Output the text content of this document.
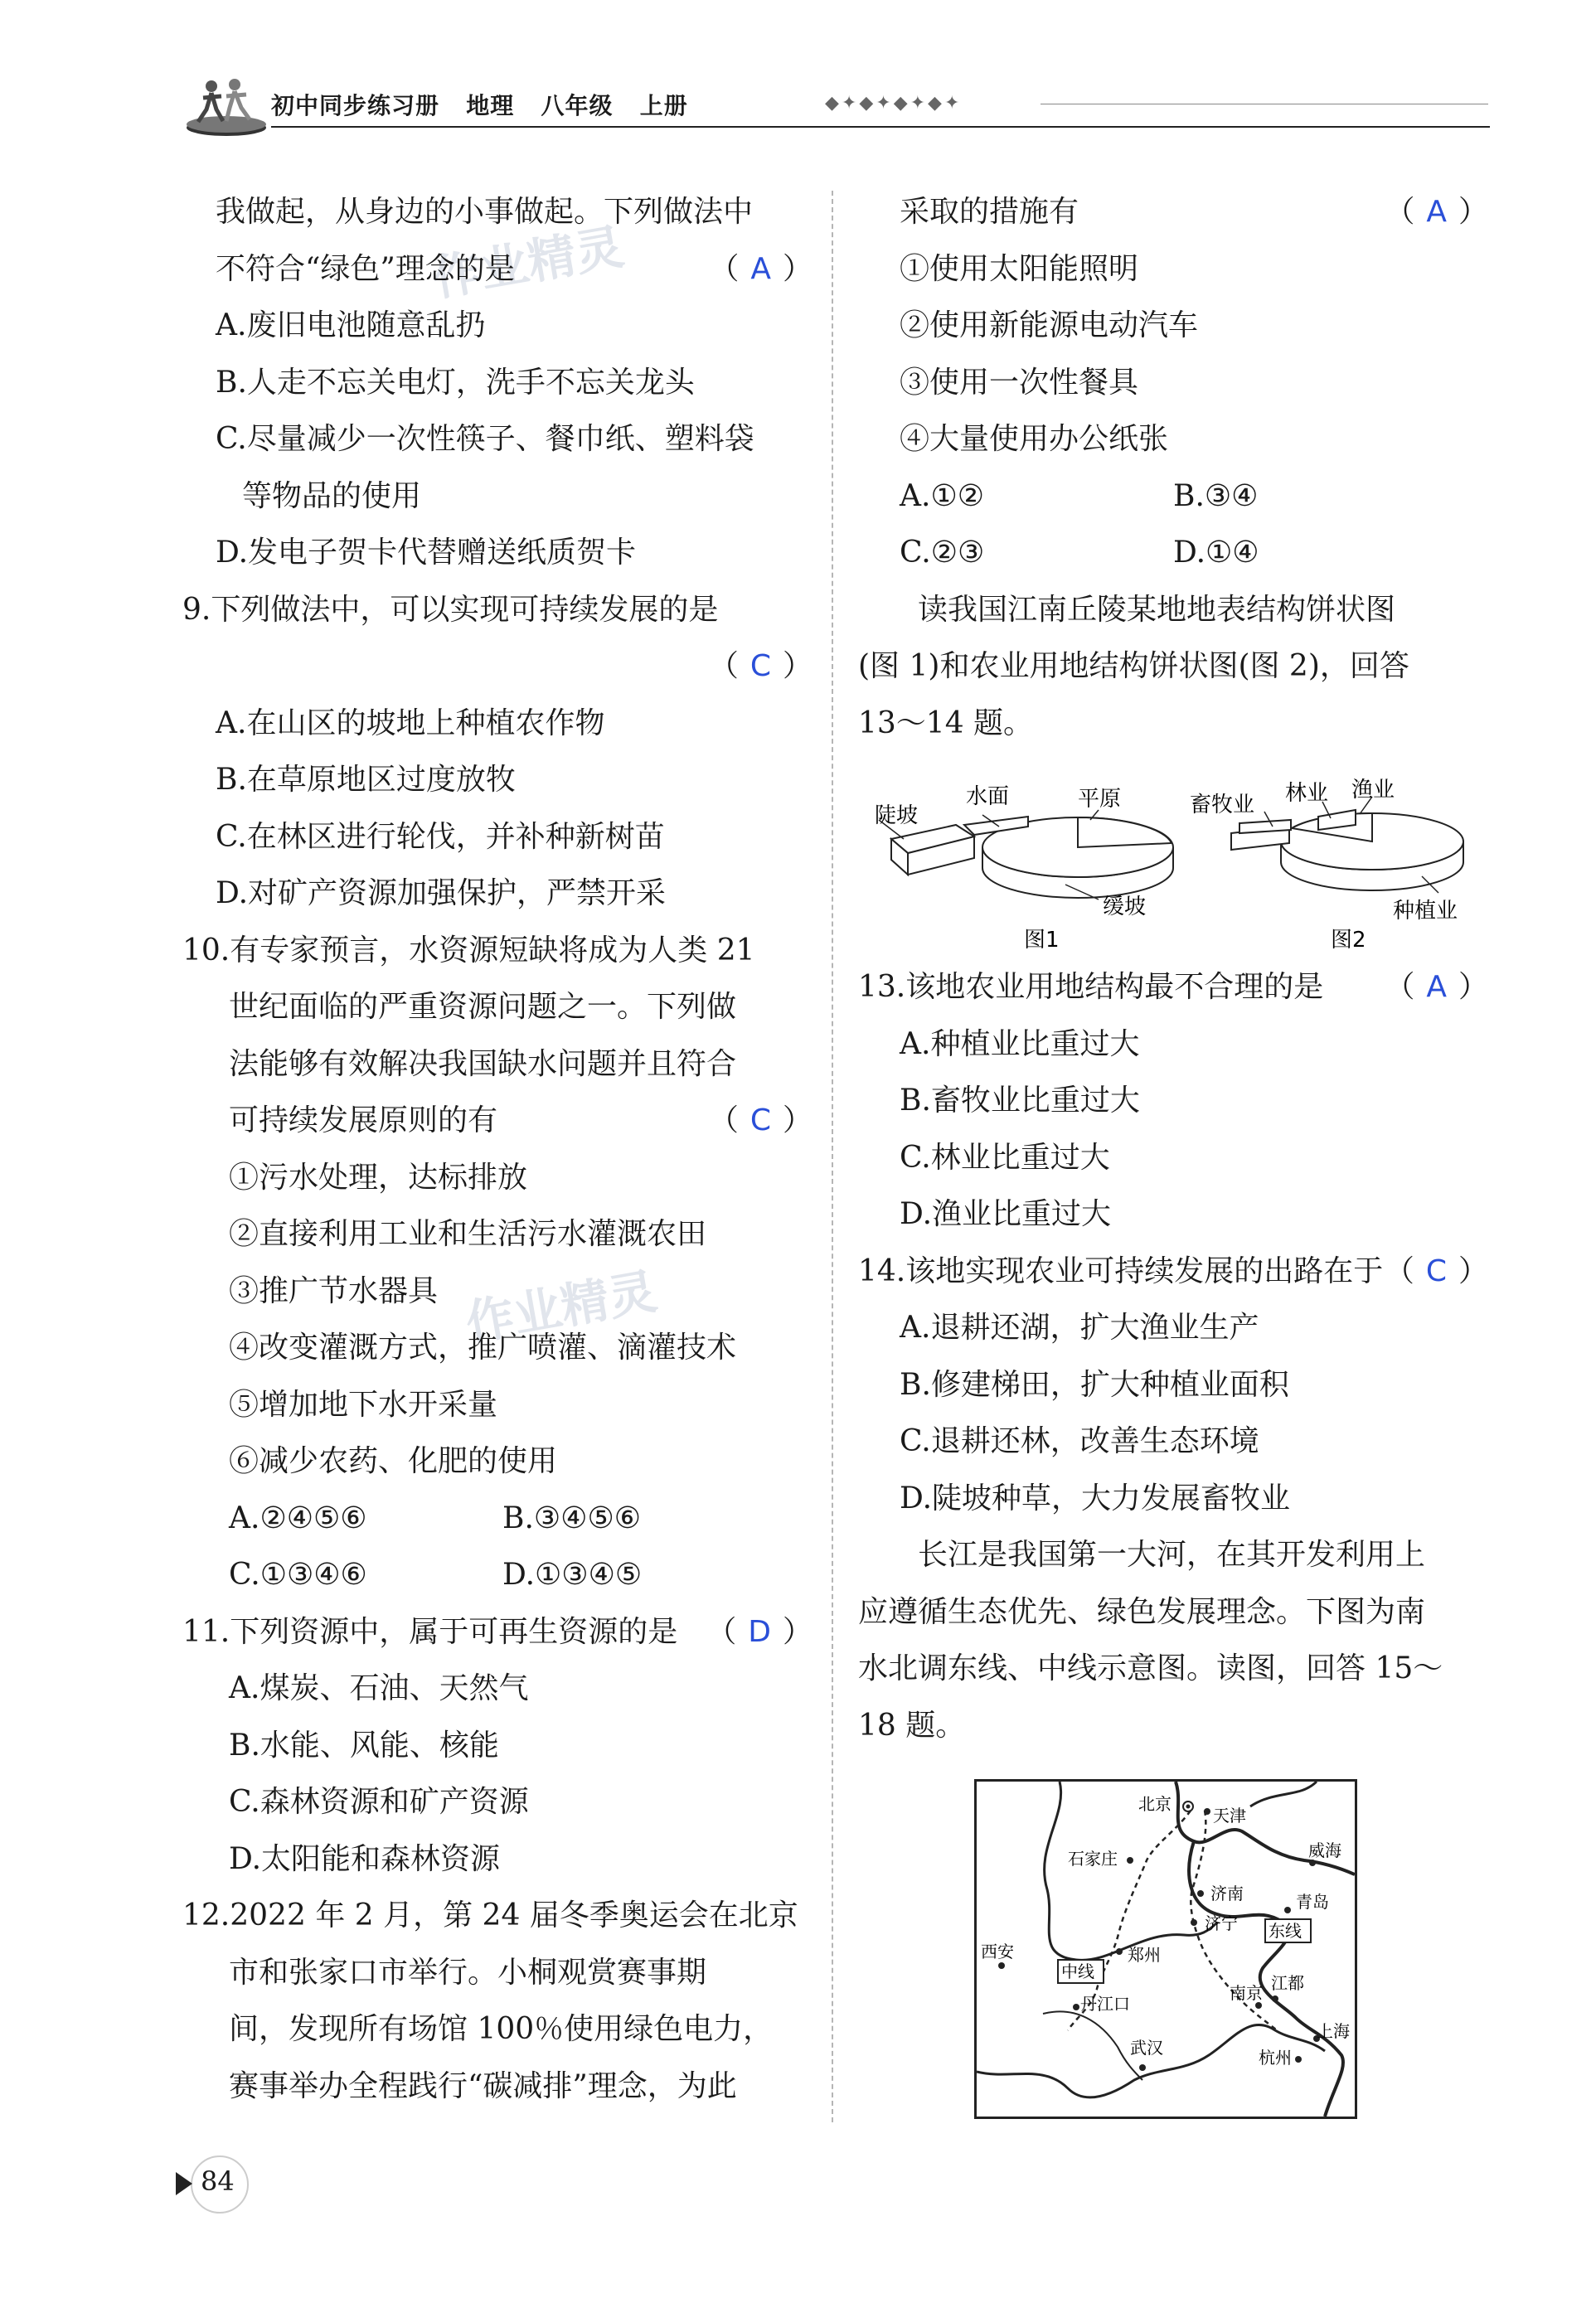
初中同步练习册   地理   八年级   上册	◆✦◆✦◆✦◆✦
作业精灵
作业精灵
我做起，从身边的小事做起。下列做法中
不符合“绿色”理念的是	（ A ）
A.废旧电池随意乱扔
B.人走不忘关电灯，洗手不忘关龙头
C.尽量减少一次性筷子、餐巾纸、塑料袋
等物品的使用
D.发电子贺卡代替赠送纸质贺卡
9.下列做法中，可以实现可持续发展的是
（ C ）
A.在山区的坡地上种植农作物
B.在草原地区过度放牧
C.在林区进行轮伐，并补种新树苗
D.对矿产资源加强保护，严禁开采
10.有专家预言，水资源短缺将成为人类 21
世纪面临的严重资源问题之一。下列做
法能够有效解决我国缺水问题并且符合
可持续发展原则的有	（ C ）
①污水处理，达标排放
②直接利用工业和生活污水灌溉农田
③推广节水器具
④改变灌溉方式，推广喷灌、滴灌技术
⑤增加地下水开采量
⑥减少农药、化肥的使用
A.②④⑤⑥	B.③④⑤⑥
C.①③④⑥	D.①③④⑤
11.下列资源中，属于可再生资源的是 （ D ）
A.煤炭、石油、天然气
B.水能、风能、核能
C.森林资源和矿产资源
D.太阳能和森林资源
12.2022 年 2 月，第 24 届冬季奥运会在北京
市和张家口市举行。小桐观赏赛事期
间，发现所有场馆 100％使用绿色电力，
赛事举办全程践行“碳减排”理念，为此
采取的措施有	（ A ）
①使用太阳能照明
②使用新能源电动汽车
③使用一次性餐具
④大量使用办公纸张
A.①②	B.③④
C.②③	D.①④
读我国江南丘陵某地地表结构饼状图
(图 1)和农业用地结构饼状图(图 2)，回答
13～14 题。
陡坡
水面	平原
缓坡
图1
畜牧业 林业 渔业
种植业
图2
13.该地农业用地结构最不合理的是 （ A ）
A.种植业比重过大
B.畜牧业比重过大
C.林业比重过大
D.渔业比重过大
14.该地实现农业可持续发展的出路在于 （ C ）
A.退耕还湖，扩大渔业生产
B.修建梯田，扩大种植业面积
C.退耕还林，改善生态环境
D.陡坡种草，大力发展畜牧业
长江是我国第一大河，在其开发利用上
应遵循生态优先、绿色发展理念。下图为南
水北调东线、中线示意图。读图，回答 15～
18 题。
北京
天津
石家庄	威海
济南	青岛
济宁
西安	郑州
东线
中线
丹江口
南京 江都
上海
武汉	杭州
84
